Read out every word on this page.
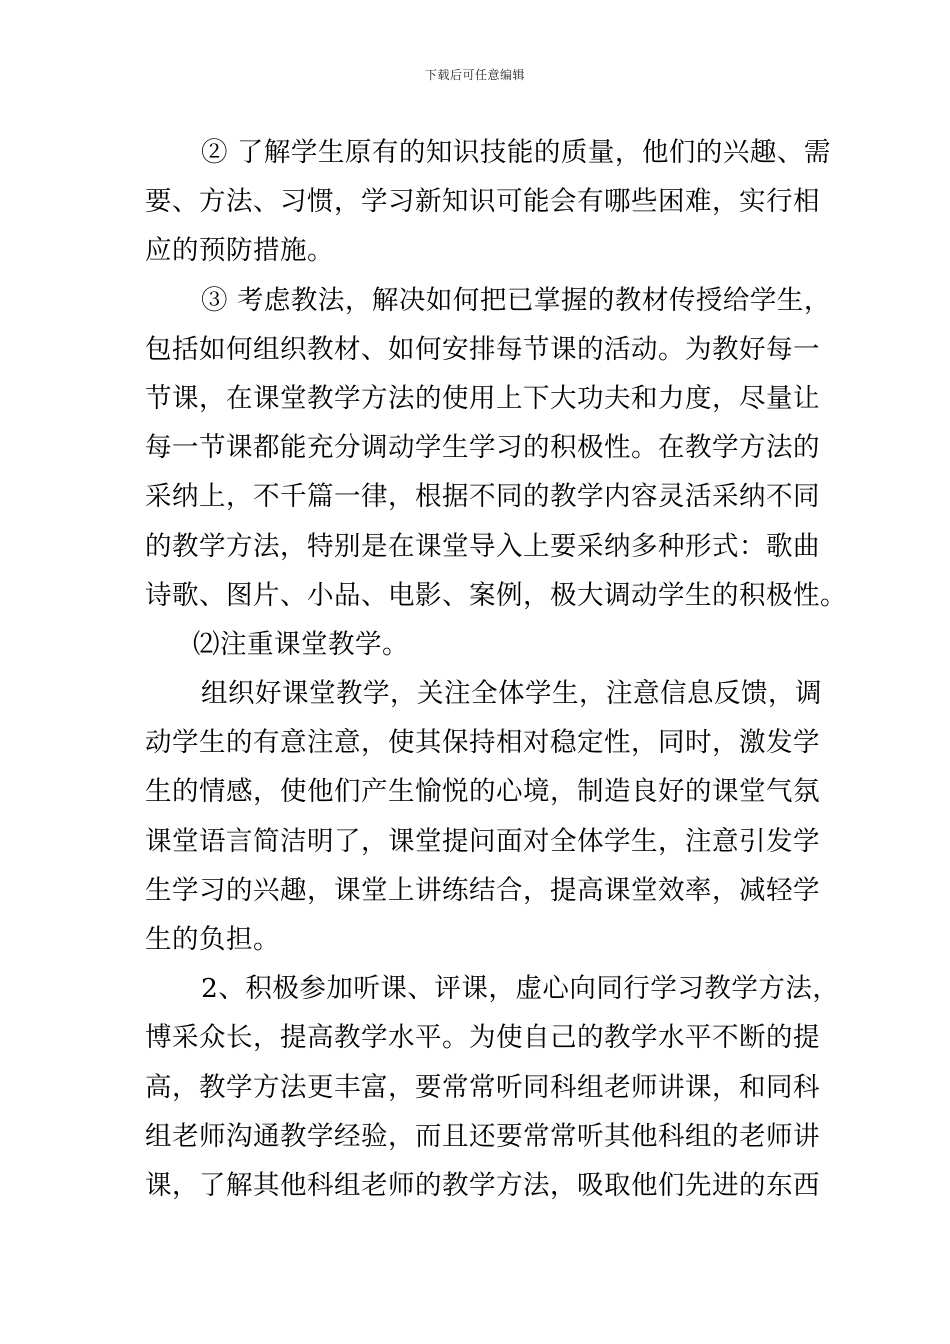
下载后可任意编辑
② 了解学生原有的知识技能的质量，他们的兴趣、需
要、方法、习惯，学习新知识可能会有哪些困难，实行相
应的预防措施。
③ 考虑教法，解决如何把已掌握的教材传授给学生，
包括如何组织教材、如何安排每节课的活动。为教好每一
节课，在课堂教学方法的使用上下大功夫和力度，尽量让
每一节课都能充分调动学生学习的积极性。在教学方法的
采纳上，不千篇一律，根据不同的教学内容灵活采纳不同
的教学方法，特别是在课堂导入上要采纳多种形式：歌曲
诗歌、图片、小品、电影、案例，极大调动学生的积极性。
⑵注重课堂教学。
组织好课堂教学，关注全体学生，注意信息反馈，调
动学生的有意注意，使其保持相对稳定性，同时，激发学
生的情感，使他们产生愉悦的心境，制造良好的课堂气氛
课堂语言简洁明了，课堂提问面对全体学生，注意引发学
生学习的兴趣，课堂上讲练结合，提高课堂效率，减轻学
生的负担。
2、积极参加听课、评课，虚心向同行学习教学方法，
博采众长，提高教学水平。为使自己的教学水平不断的提
高，教学方法更丰富，要常常听同科组老师讲课，和同科
组老师沟通教学经验，而且还要常常听其他科组的老师讲
课，了解其他科组老师的教学方法，吸取他们先进的东西
